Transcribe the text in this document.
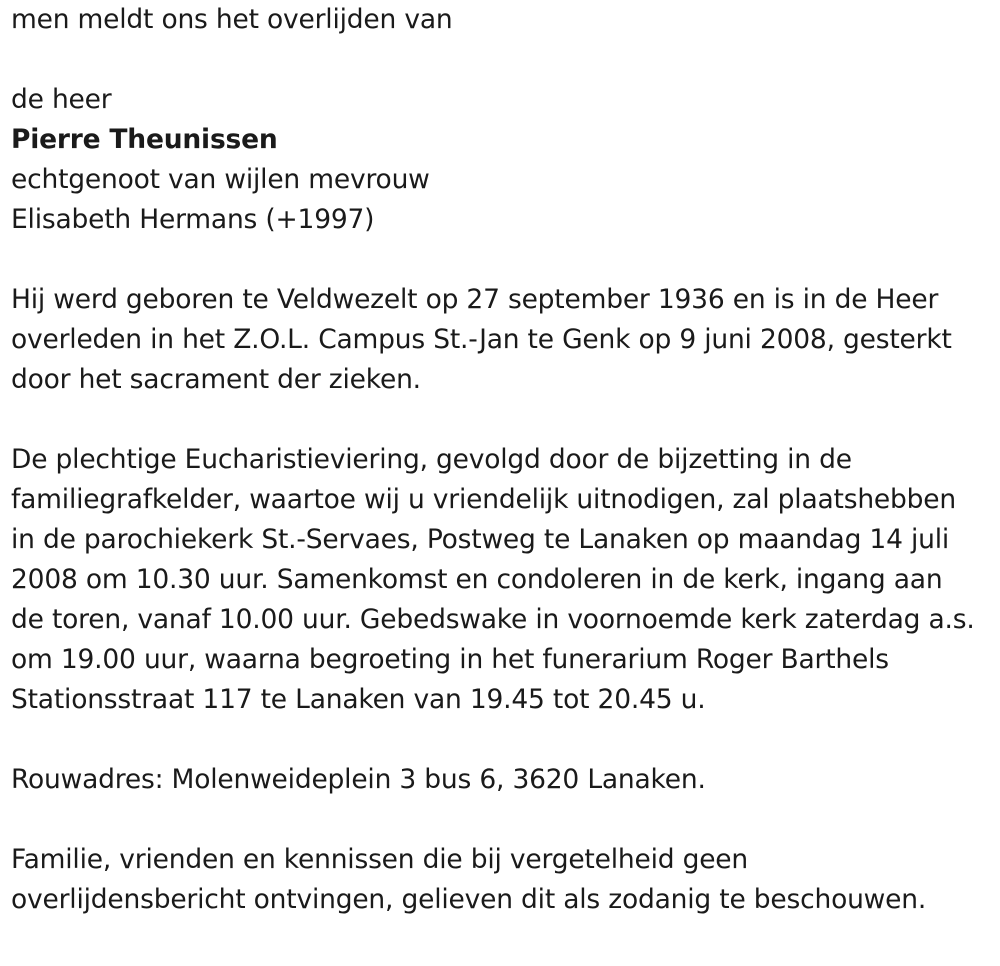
men meldt ons het overlijden van
de heer
Pierre Theunissen
echtgenoot van wijlen mevrouw
Elisabeth Hermans (+1997)
Hij werd geboren te Veldwezelt op 27 september 1936 en is in de Heer
overleden in het Z.O.L. Campus St.-Jan te Genk op 9 juni 2008, gesterkt
door het sacrament der zieken.
De plechtige Eucharistieviering, gevolgd door de bijzetting in de
familiegrafkelder, waartoe wij u vriendelijk uitnodigen, zal plaatshebben
in de parochiekerk St.-Servaes, Postweg te Lanaken op maandag 14 juli
2008 om 10.30 uur. Samenkomst en condoleren in de kerk, ingang aan
de toren, vanaf 10.00 uur. Gebedswake in voornoemde kerk zaterdag a.s.
om 19.00 uur, waarna begroeting in het funerarium Roger Barthels
Stationsstraat 117 te Lanaken van 19.45 tot 20.45 u.
Rouwadres: Molenweideplein 3 bus 6, 3620 Lanaken.
Familie, vrienden en kennissen die bij vergetelheid geen
overlijdensbericht ontvingen, gelieven dit als zodanig te beschouwen.
